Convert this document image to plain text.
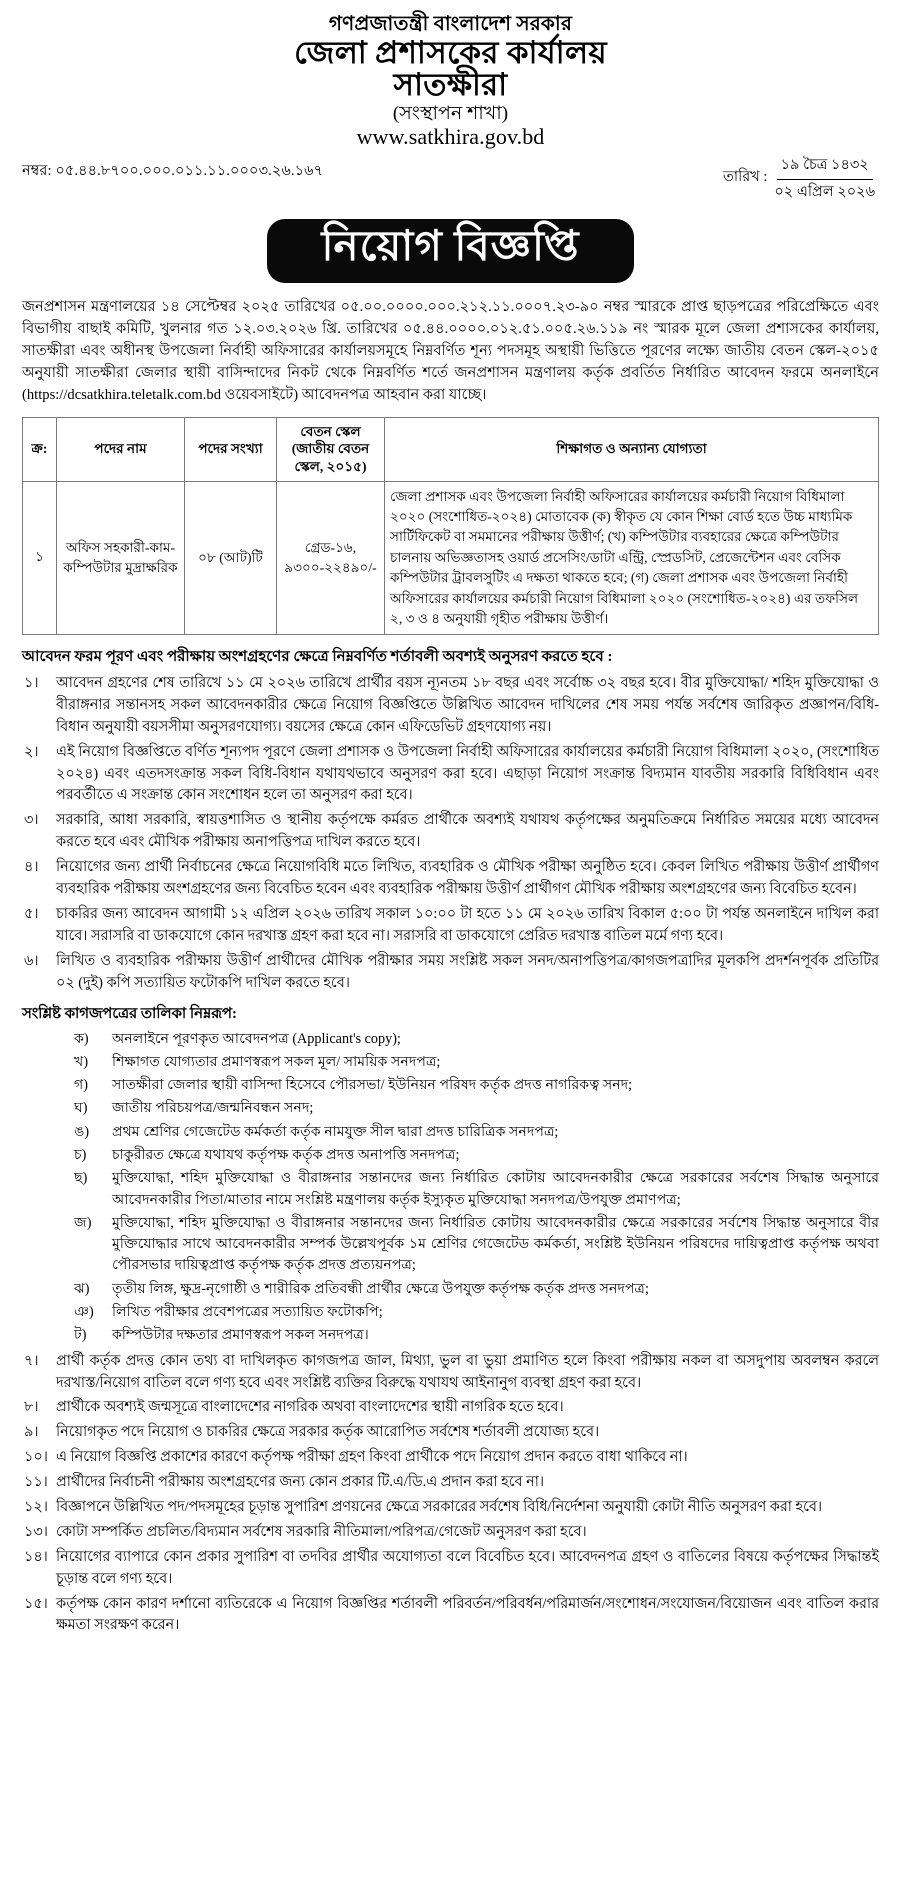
গণপ্রজাতন্ত্রী বাংলাদেশ সরকার
জেলা প্রশাসকের কার্যালয়
সাতক্ষীরা
(সংস্থাপন শাখা)
www.satkhira.gov.bd
নম্বর: ০৫.৪৪.৮৭০০.০০০.০১১.১১.০০০৩.২৬.১৬৭	তারিখ :
১৯ চৈত্র ১৪৩২
০২ এপ্রিল ২০২৬
নিয়োগ বিজ্ঞপ্তি

জনপ্রশাসন মন্ত্রণালয়ের ১৪ সেপ্টেম্বর ২০২৫ তারিখের ০৫.০০.০০০০.০০০.২১২.১১.০০০৭.২৩-৯০ নম্বর স্মারকে প্রাপ্ত ছাড়পত্রের পরিপ্রেক্ষিতে এবং বিভাগীয় বাছাই কমিটি, খুলনার গত ১২.০৩.২০২৬ খ্রি. তারিখের ০৫.৪৪.০০০০.০১২.৫১.০০৫.২৬.১১৯ নং স্মারক মূলে জেলা প্রশাসকের কার্যালয়, সাতক্ষীরা এবং অধীনস্থ উপজেলা নির্বাহী অফিসারের কার্যালয়সমূহে নিম্নবর্ণিত শূন্য পদসমূহ অস্থায়ী ভিত্তিতে পূরণের লক্ষ্যে জাতীয় বেতন স্কেল-২০১৫ অনুযায়ী সাতক্ষীরা জেলার স্থায়ী বাসিন্দাদের নিকট থেকে নিম্নবর্ণিত শর্তে জনপ্রশাসন মন্ত্রণালয় কর্তৃক প্রবর্তিত নির্ধারিত আবেদন ফরমে অনলাইনে (https://dcsatkhira.teletalk.com.bd ওয়েবসাইটে) আবেদনপত্র আহবান করা যাচ্ছে।

ক্র:	পদের নাম	পদের সংখ্যা	বেতন স্কেল (জাতীয় বেতন স্কেল, ২০১৫)	শিক্ষাগত ও অন্যান্য যোগ্যতা
১	অফিস সহকারী-কাম-কম্পিউটার মুদ্রাক্ষরিক	০৮ (আট)টি	গ্রেড-১৬, ৯৩০০-২২৪৯০/-	জেলা প্রশাসক এবং উপজেলা নির্বাহী অফিসারের কার্যালয়ের কর্মচারী নিয়োগ বিধিমালা ২০২০ (সংশোধিত-২০২৪) মোতাবেক (ক) স্বীকৃত যে কোন শিক্ষা বোর্ড হতে উচ্চ মাধ্যমিক সার্টিফিকেট বা সমমানের পরীক্ষায় উত্তীর্ণ; (খ) কম্পিউটার ব্যবহারের ক্ষেত্রে কম্পিউটার চালনায় অভিজ্ঞতাসহ ওয়ার্ড প্রসেসিং/ডাটা এন্ট্রি, স্প্রেডসিট, প্রেজেন্টেশন এবং বেসিক কম্পিউটার ট্রাবলসুটিং এ দক্ষতা থাকতে হবে; (গ) জেলা প্রশাসক এবং উপজেলা নির্বাহী অফিসারের কার্যালয়ের কর্মচারী নিয়োগ বিধিমালা ২০২০ (সংশোধিত-২০২৪) এর তফসিল ২, ৩ ও ৪ অনুযায়ী গৃহীত পরীক্ষায় উত্তীর্ণ।
আবেদন ফরম পূরণ এবং পরীক্ষায় অংশগ্রহণের ক্ষেত্রে নিম্নবর্ণিত শর্তাবলী অবশ্যই অনুসরণ করতে হবে :
১।	আবেদন গ্রহণের শেষ তারিখে ১১ মে ২০২৬ তারিখে প্রার্থীর বয়স ন্যূনতম ১৮ বছর এবং সর্বোচ্চ ৩২ বছর হবে। বীর মুক্তিযোদ্ধা/ শহিদ মুক্তিযোদ্ধা ও বীরাঙ্গনার সন্তানসহ সকল আবেদনকারীর ক্ষেত্রে নিয়োগ বিজ্ঞপ্তিতে উল্লিখিত আবেদন দাখিলের শেষ সময় পর্যন্ত সর্বশেষ জারিকৃত প্রজ্ঞাপন/বিধি-বিধান অনুযায়ী বয়সসীমা অনুসরণযোগ্য। বয়সের ক্ষেত্রে কোন এফিডেভিট গ্রহণযোগ্য নয়।
২।	এই নিয়োগ বিজ্ঞপ্তিতে বর্ণিত শূন্যপদ পূরণে জেলা প্রশাসক ও উপজেলা নির্বাহী অফিসারের কার্যালয়ের কর্মচারী নিয়োগ বিধিমালা ২০২০, (সংশোধিত ২০২৪) এবং এতদসংক্রান্ত সকল বিধি-বিধান যথাযথভাবে অনুসরণ করা হবে। এছাড়া নিয়োগ সংক্রান্ত বিদ্যমান যাবতীয় সরকারি বিধিবিধান এবং পরবর্তীতে এ সংক্রান্ত কোন সংশোধন হলে তা অনুসরণ করা হবে।
৩।	সরকারি, আধা সরকারি, স্বায়ত্তশাসিত ও স্থানীয় কর্তৃপক্ষে কর্মরত প্রার্থীকে অবশ্যই যথাযথ কর্তৃপক্ষের অনুমতিক্রমে নির্ধারিত সময়ের মধ্যে আবেদন করতে হবে এবং মৌখিক পরীক্ষায় অনাপত্তিপত্র দাখিল করতে হবে।
৪।	নিয়োগের জন্য প্রার্থী নির্বাচনের ক্ষেত্রে নিয়োগবিধি মতে লিখিত, ব্যবহারিক ও মৌখিক পরীক্ষা অনুষ্ঠিত হবে। কেবল লিখিত পরীক্ষায় উত্তীর্ণ প্রার্থীগণ ব্যবহারিক পরীক্ষায় অংশগ্রহণের জন্য বিবেচিত হবেন এবং ব্যবহারিক পরীক্ষায় উত্তীর্ণ প্রার্থীগণ মৌখিক পরীক্ষায় অংশগ্রহণের জন্য বিবেচিত হবেন।
৫।	চাকরির জন্য আবেদন আগামী ১২ এপ্রিল ২০২৬ তারিখ সকাল ১০:০০ টা হতে ১১ মে ২০২৬ তারিখ বিকাল ৫:০০ টা পর্যন্ত অনলাইনে দাখিল করা যাবে। সরাসরি বা ডাকযোগে কোন দরখাস্ত গ্রহণ করা হবে না। সরাসরি বা ডাকযোগে প্রেরিত দরখাস্ত বাতিল মর্মে গণ্য হবে।
৬।	লিখিত ও ব্যবহারিক পরীক্ষায় উত্তীর্ণ প্রার্থীদের মৌখিক পরীক্ষার সময় সংশ্লিষ্ট সকল সনদ/অনাপত্তিপত্র/কাগজপত্রাদির মূলকপি প্রদর্শনপূর্বক প্রতিটির ০২ (দুই) কপি সত্যায়িত ফটোকপি দাখিল করতে হবে।
সংশ্লিষ্ট কাগজপত্রের তালিকা নিম্নরূপ:
ক)	অনলাইনে পূরণকৃত আবেদনপত্র (Applicant's copy);
খ)	শিক্ষাগত যোগ্যতার প্রমাণস্বরূপ সকল মূল/ সাময়িক সনদপত্র;
গ)	সাতক্ষীরা জেলার স্থায়ী বাসিন্দা হিসেবে পৌরসভা/ ইউনিয়ন পরিষদ কর্তৃক প্রদত্ত নাগরিকত্ব সনদ;
ঘ)	জাতীয় পরিচয়পত্র/জন্মনিবন্ধন সনদ;
ঙ)	প্রথম শ্রেণির গেজেটেড কর্মকর্তা কর্তৃক নামযুক্ত সীল দ্বারা প্রদত্ত চারিত্রিক সনদপত্র;
চ)	চাকুরীরত ক্ষেত্রে যথাযথ কর্তৃপক্ষ কর্তৃক প্রদত্ত অনাপত্তি সনদপত্র;
ছ)	মুক্তিযোদ্ধা, শহিদ মুক্তিযোদ্ধা ও বীরাঙ্গনার সন্তানদের জন্য নির্ধারিত কোটায় আবেদনকারীর ক্ষেত্রে সরকারের সর্বশেষ সিদ্ধান্ত অনুসারে আবেদনকারীর পিতা/মাতার নামে সংশ্লিষ্ট মন্ত্রণালয় কর্তৃক ইস্যুকৃত মুক্তিযোদ্ধা সনদপত্র/উপযুক্ত প্রমাণপত্র;
জ)	মুক্তিযোদ্ধা, শহিদ মুক্তিযোদ্ধা ও বীরাঙ্গনার সন্তানদের জন্য নির্ধারিত কোটায় আবেদনকারীর ক্ষেত্রে সরকারের সর্বশেষ সিদ্ধান্ত অনুসারে বীর মুক্তিযোদ্ধার সাথে আবেদনকারীর সম্পর্ক উল্লেখপূর্বক ১ম শ্রেণির গেজেটেড কর্মকর্তা, সংশ্লিষ্ট ইউনিয়ন পরিষদের দায়িত্বপ্রাপ্ত কর্তৃপক্ষ অথবা পৌরসভার দায়িত্বপ্রাপ্ত কর্তৃপক্ষ কর্তৃক প্রদত্ত প্রত্যয়নপত্র;
ঝ)	তৃতীয় লিঙ্গ, ক্ষুদ্র-নৃগোষ্ঠী ও শারীরিক প্রতিবন্ধী প্রার্থীর ক্ষেত্রে উপযুক্ত কর্তৃপক্ষ কর্তৃক প্রদত্ত সনদপত্র;
ঞ)	লিখিত পরীক্ষার প্রবেশপত্রের সত্যায়িত ফটোকপি;
ট)	কম্পিউটার দক্ষতার প্রমাণস্বরূপ সকল সনদপত্র।
৭।	প্রার্থী কর্তৃক প্রদত্ত কোন তথ্য বা দাখিলকৃত কাগজপত্র জাল, মিথ্যা, ভুল বা ভুয়া প্রমাণিত হলে কিংবা পরীক্ষায় নকল বা অসদুপায় অবলম্বন করলে দরখাস্ত/নিয়োগ বাতিল বলে গণ্য হবে এবং সংশ্লিষ্ট ব্যক্তির বিরুদ্ধে যথাযথ আইনানুগ ব্যবস্থা গ্রহণ করা হবে।
৮।	প্রার্থীকে অবশ্যই জন্মসূত্রে বাংলাদেশের নাগরিক অথবা বাংলাদেশের স্থায়ী নাগরিক হতে হবে।
৯।	নিয়োগকৃত পদে নিয়োগ ও চাকরির ক্ষেত্রে সরকার কর্তৃক আরোপিত সর্বশেষ শর্তাবলী প্রযোজ্য হবে।
১০। এ নিয়োগ বিজ্ঞপ্তি প্রকাশের কারণে কর্তৃপক্ষ পরীক্ষা গ্রহণ কিংবা প্রার্থীকে পদে নিয়োগ প্রদান করতে বাধা থাকিবে না।
১১। প্রার্থীদের নির্বাচনী পরীক্ষায় অংশগ্রহণের জন্য কোন প্রকার টি.এ/ডি.এ প্রদান করা হবে না।
১২। বিজ্ঞাপনে উল্লিখিত পদ/পদসমূহের চূড়ান্ত সুপারিশ প্রণয়নের ক্ষেত্রে সরকারের সর্বশেষ বিধি/নির্দেশনা অনুযায়ী কোটা নীতি অনুসরণ করা হবে।
১৩। কোটা সম্পর্কিত প্রচলিত/বিদ্যমান সর্বশেষ সরকারি নীতিমালা/পরিপত্র/গেজেট অনুসরণ করা হবে।
১৪। নিয়োগের ব্যাপারে কোন প্রকার সুপারিশ বা তদবির প্রার্থীর অযোগ্যতা বলে বিবেচিত হবে। আবেদনপত্র গ্রহণ ও বাতিলের বিষয়ে কর্তৃপক্ষের সিদ্ধান্তই চূড়ান্ত বলে গণ্য হবে।
১৫। কর্তৃপক্ষ কোন কারণ দর্শানো ব্যতিরেকে এ নিয়োগ বিজ্ঞপ্তির শর্তাবলী পরিবর্তন/পরিবর্ধন/পরিমার্জন/সংশোধন/সংযোজন/বিয়োজন এবং বাতিল করার ক্ষমতা সংরক্ষণ করেন।
